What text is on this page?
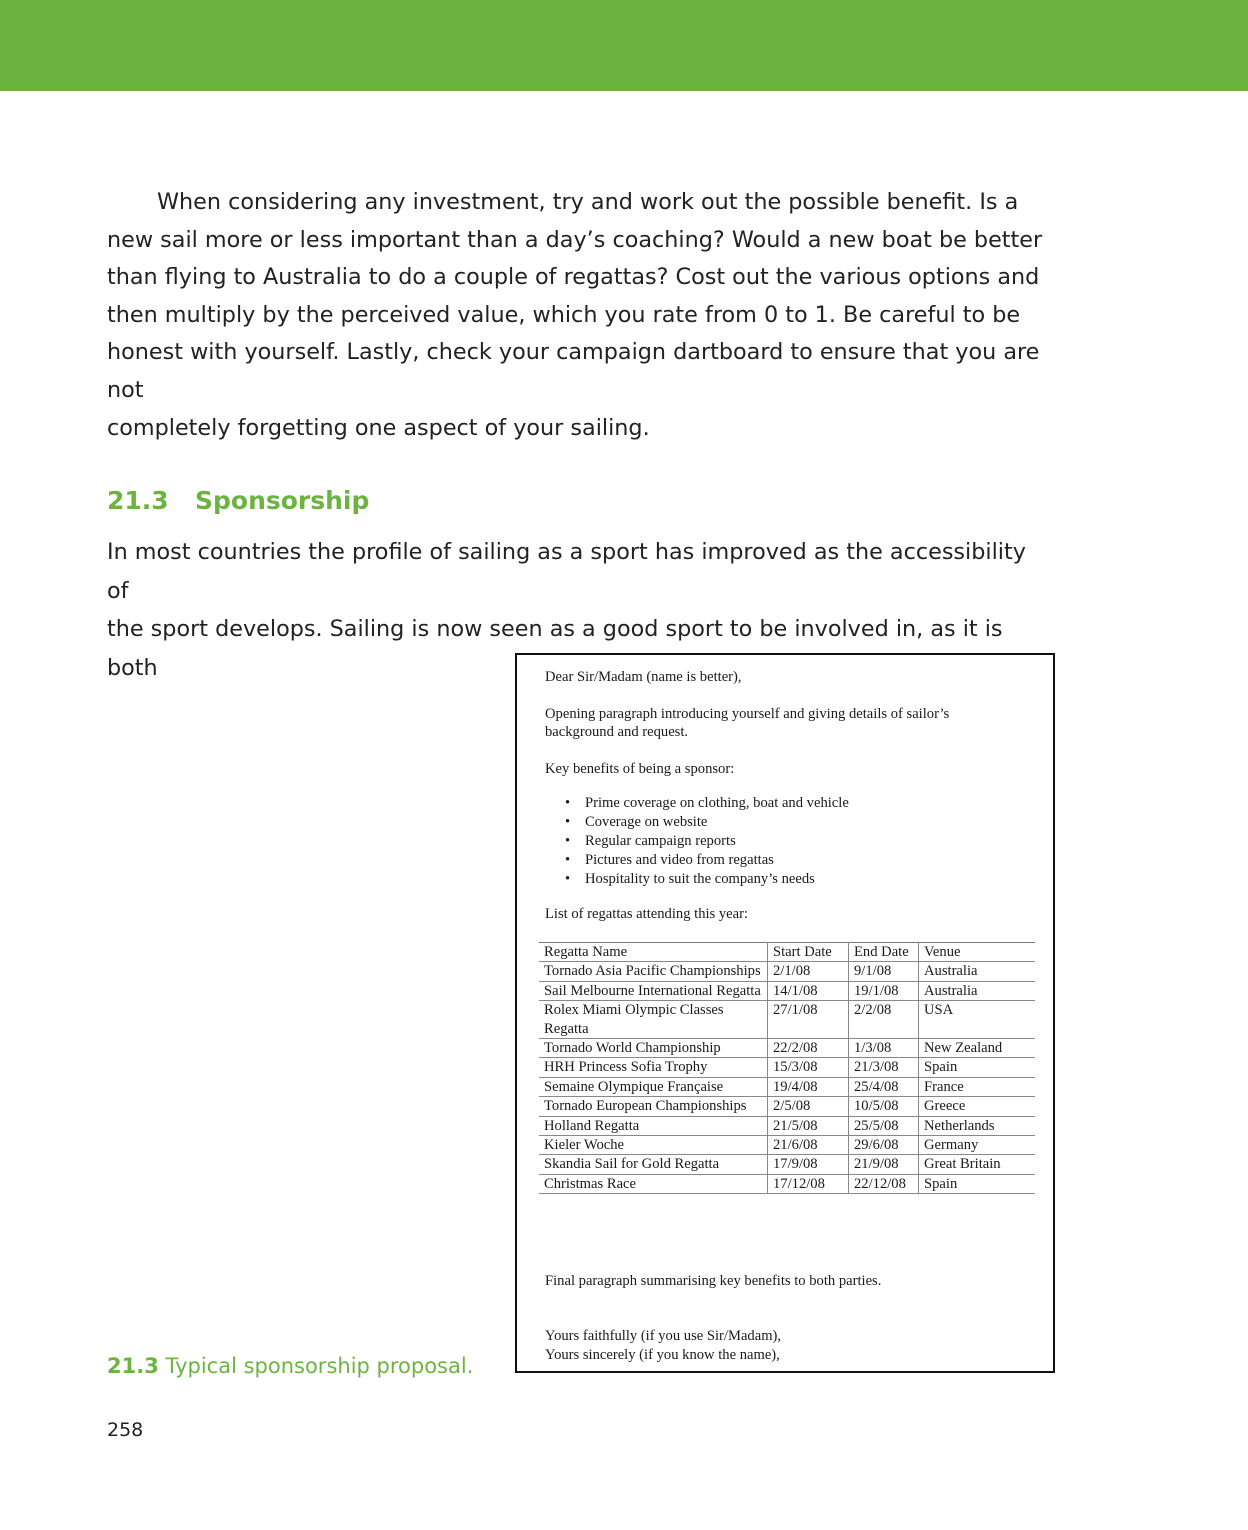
When considering any investment, try and work out the possible benefit. Is a
new sail more or less important than a day’s coaching? Would a new boat be better
than flying to Australia to do a couple of regattas? Cost out the various options and
then multiply by the perceived value, which you rate from 0 to 1. Be careful to be
honest with yourself. Lastly, check your campaign dartboard to ensure that you are not
completely forgetting one aspect of your sailing.

21.3 Sponsorship

In most countries the profile of sailing as a sport has improved as the accessibility of
the sport develops. Sailing is now seen as a good sport to be involved in, as it is both	Dear Sir/Madam (name is better),

Opening paragraph introducing yourself and giving details of sailor’s
background and request.

Key benefits of being a sponsor:

• Prime coverage on clothing, boat and vehicle
• Coverage on website
• Regular campaign reports
• Pictures and video from regattas
• Hospitality to suit the company’s needs

List of regattas attending this year:

Regatta Name	Start Date	End Date	Venue
Tornado Asia Pacific Championships	2/1/08	9/1/08	Australia
Sail Melbourne International Regatta	14/1/08	19/1/08	Australia
Rolex Miami Olympic Classes Regatta	27/1/08	2/2/08	USA
Tornado World Championship	22/2/08	1/3/08	New Zealand
HRH Princess Sofia Trophy	15/3/08	21/3/08	Spain
Semaine Olympique Française	19/4/08	25/4/08	France
Tornado European Championships	2/5/08	10/5/08	Greece
Holland Regatta	21/5/08	25/5/08	Netherlands
Kieler Woche	21/6/08	29/6/08	Germany
Skandia Sail for Gold Regatta	17/9/08	21/9/08	Great Britain
Christmas Race	17/12/08	22/12/08	Spain

Final paragraph summarising key benefits to both parties.

Yours faithfully (if you use Sir/Madam),
Yours sincerely (if you know the name),

21.3 Typical sponsorship proposal.

258
